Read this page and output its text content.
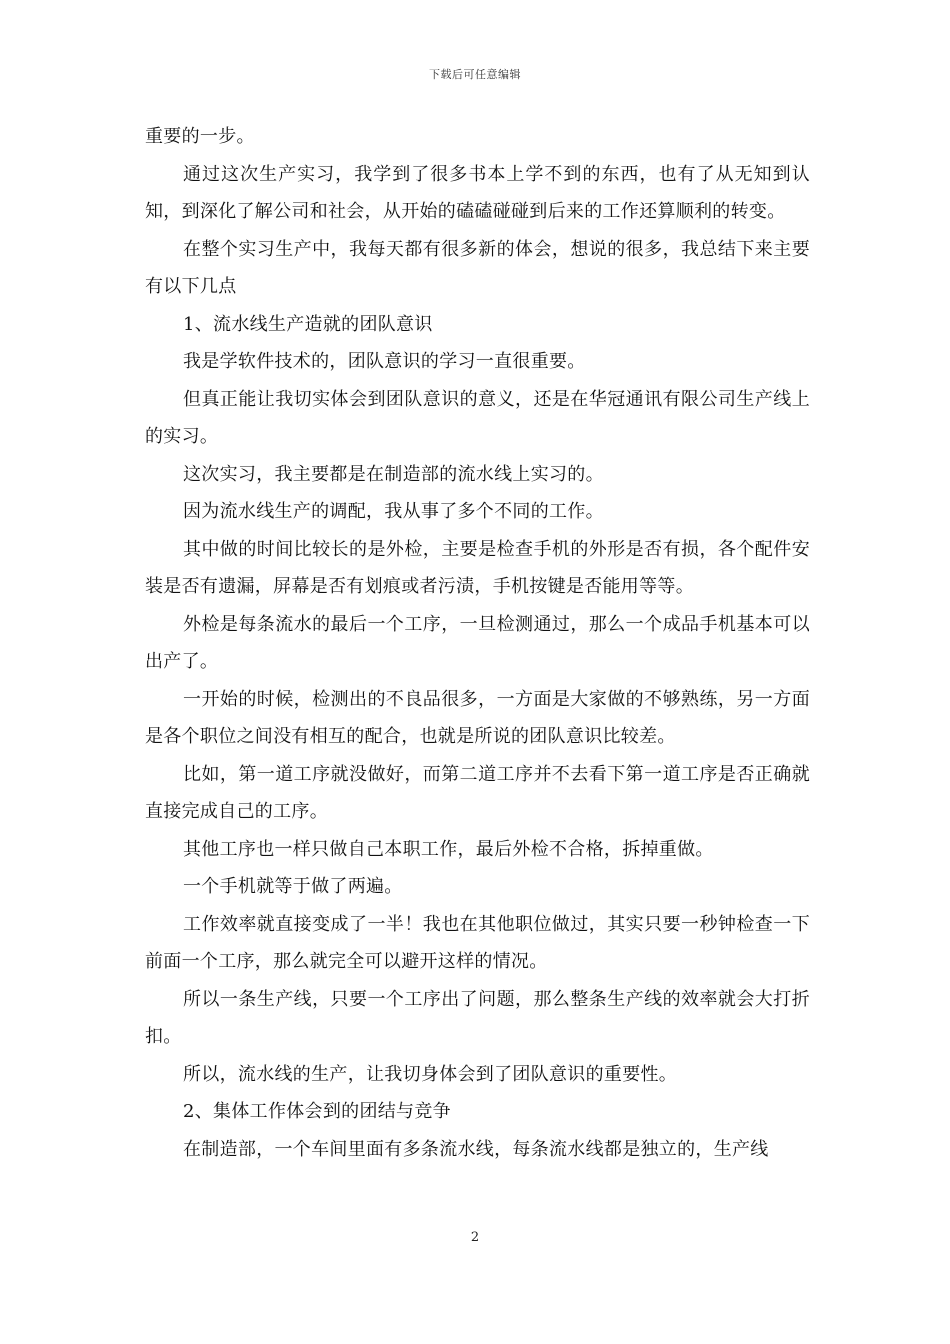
下载后可任意编辑

重要的一步。

通过这次生产实习，我学到了很多书本上学不到的东西，也有了从无知到认知，到深化了解公司和社会，从开始的磕磕碰碰到后来的工作还算顺利的转变。

在整个实习生产中，我每天都有很多新的体会，想说的很多，我总结下来主要有以下几点

1、流水线生产造就的团队意识

我是学软件技术的，团队意识的学习一直很重要。

但真正能让我切实体会到团队意识的意义，还是在华冠通讯有限公司生产线上的实习。

这次实习，我主要都是在制造部的流水线上实习的。

因为流水线生产的调配，我从事了多个不同的工作。

其中做的时间比较长的是外检，主要是检查手机的外形是否有损，各个配件安装是否有遗漏，屏幕是否有划痕或者污渍，手机按键是否能用等等。

外检是每条流水的最后一个工序，一旦检测通过，那么一个成品手机基本可以出产了。

一开始的时候，检测出的不良品很多，一方面是大家做的不够熟练，另一方面是各个职位之间没有相互的配合，也就是所说的团队意识比较差。

比如，第一道工序就没做好，而第二道工序并不去看下第一道工序是否正确就直接完成自己的工序。

其他工序也一样只做自己本职工作，最后外检不合格，拆掉重做。

一个手机就等于做了两遍。

工作效率就直接变成了一半！我也在其他职位做过，其实只要一秒钟检查一下前面一个工序，那么就完全可以避开这样的情况。

所以一条生产线，只要一个工序出了问题，那么整条生产线的效率就会大打折扣。

所以，流水线的生产，让我切身体会到了团队意识的重要性。

2、集体工作体会到的团结与竞争

在制造部，一个车间里面有多条流水线，每条流水线都是独立的，生产线

2
